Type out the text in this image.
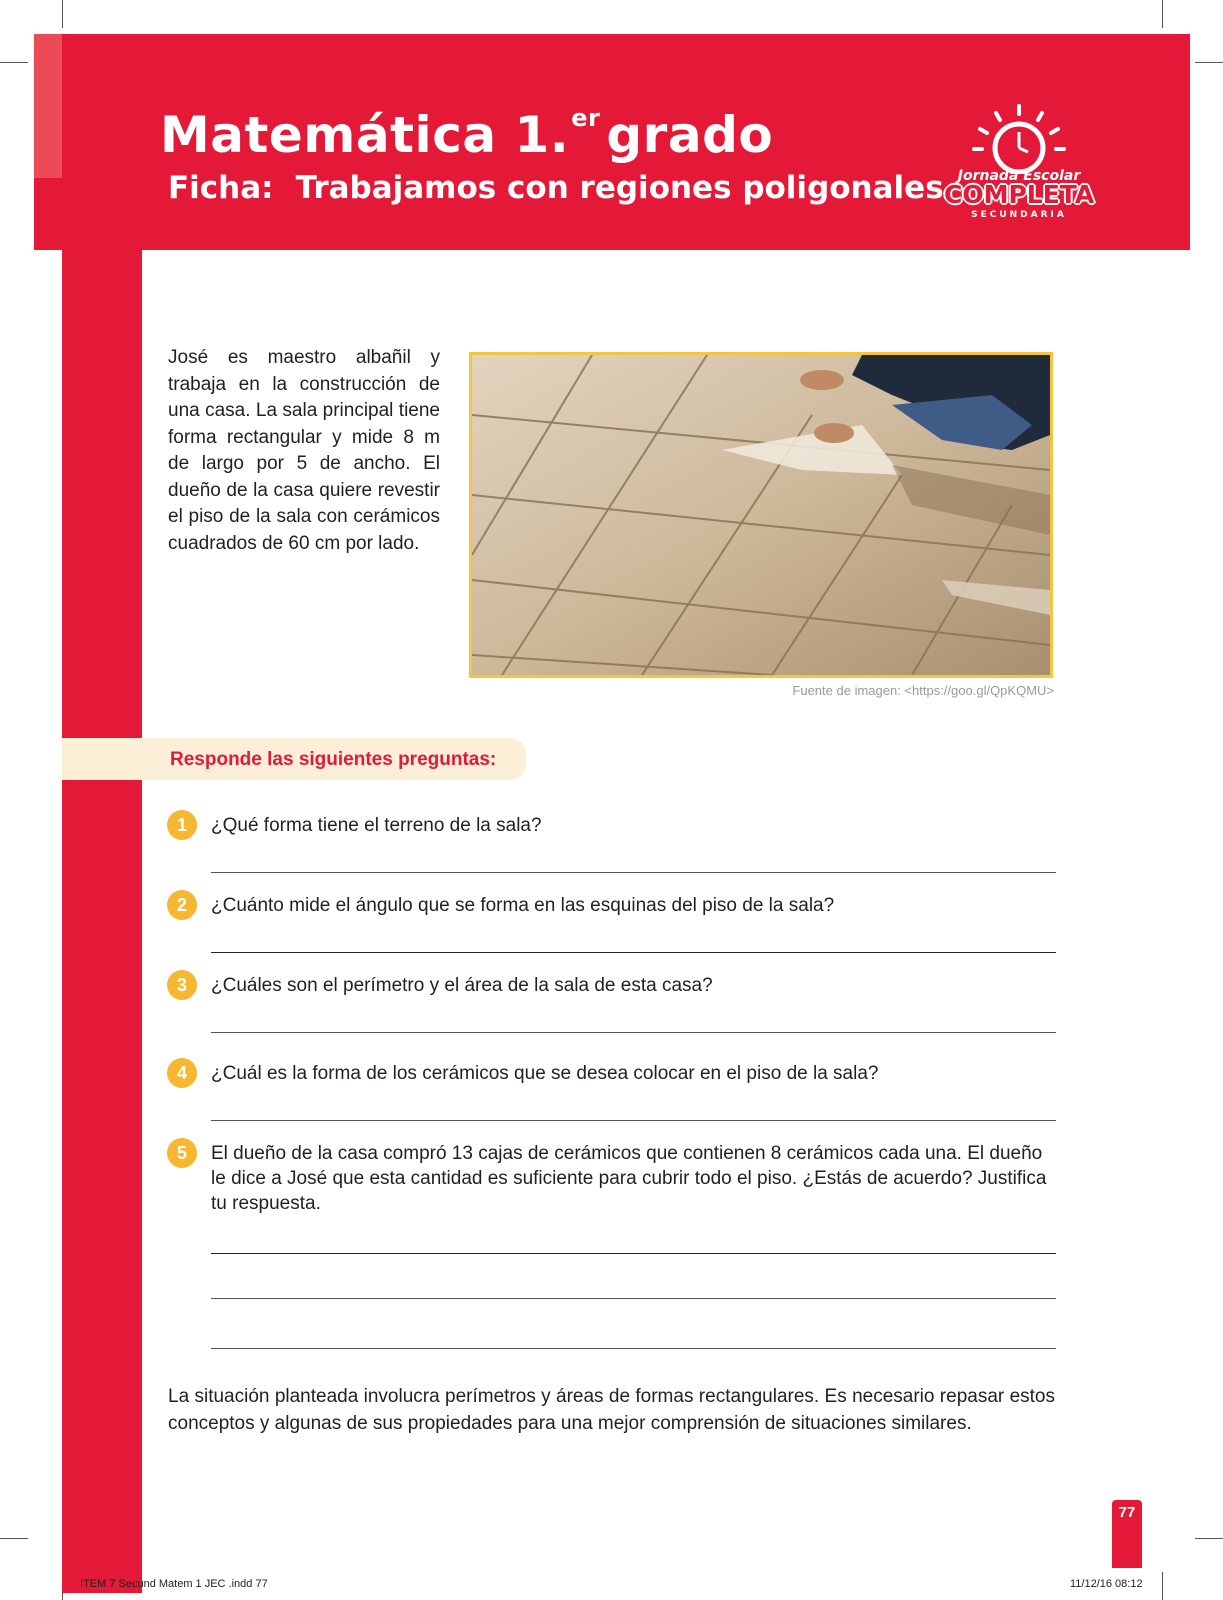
Matemática 1.$^{er}$ grado
Ficha: Trabajamos con regiones poligonales	Jornada Escolar
COMPLETA
SECUNDARIA
José es maestro albañil y trabaja en la construcción de una casa. La sala principal tiene forma rectangular y mide 8 m de largo por 5 de ancho. El dueño de la casa quiere revestir el piso de la sala con cerámicos cuadrados de 60 cm por lado.
Fuente de imagen: <https://goo.gl/QpKQMU>
Responde las siguientes preguntas:
1	¿Qué forma tiene el terreno de la sala?
2	¿Cuánto mide el ángulo que se forma en las esquinas del piso de la sala?
3	¿Cuáles son el perímetro y el área de la sala de esta casa?
4	¿Cuál es la forma de los cerámicos que se desea colocar en el piso de la sala?
5	El dueño de la casa compró 13 cajas de cerámicos que contienen 8 cerámicos cada una. El dueño le dice a José que esta cantidad es suficiente para cubrir todo el piso. ¿Estás de acuerdo? Justifica tu respuesta.
La situación planteada involucra perímetros y áreas de formas rectangulares. Es necesario repasar estos conceptos y algunas de sus propiedades para una mejor comprensión de situaciones similares.
77
ITEM 7 Secund Matem 1 JEC .indd 77	11/12/16 08:12
